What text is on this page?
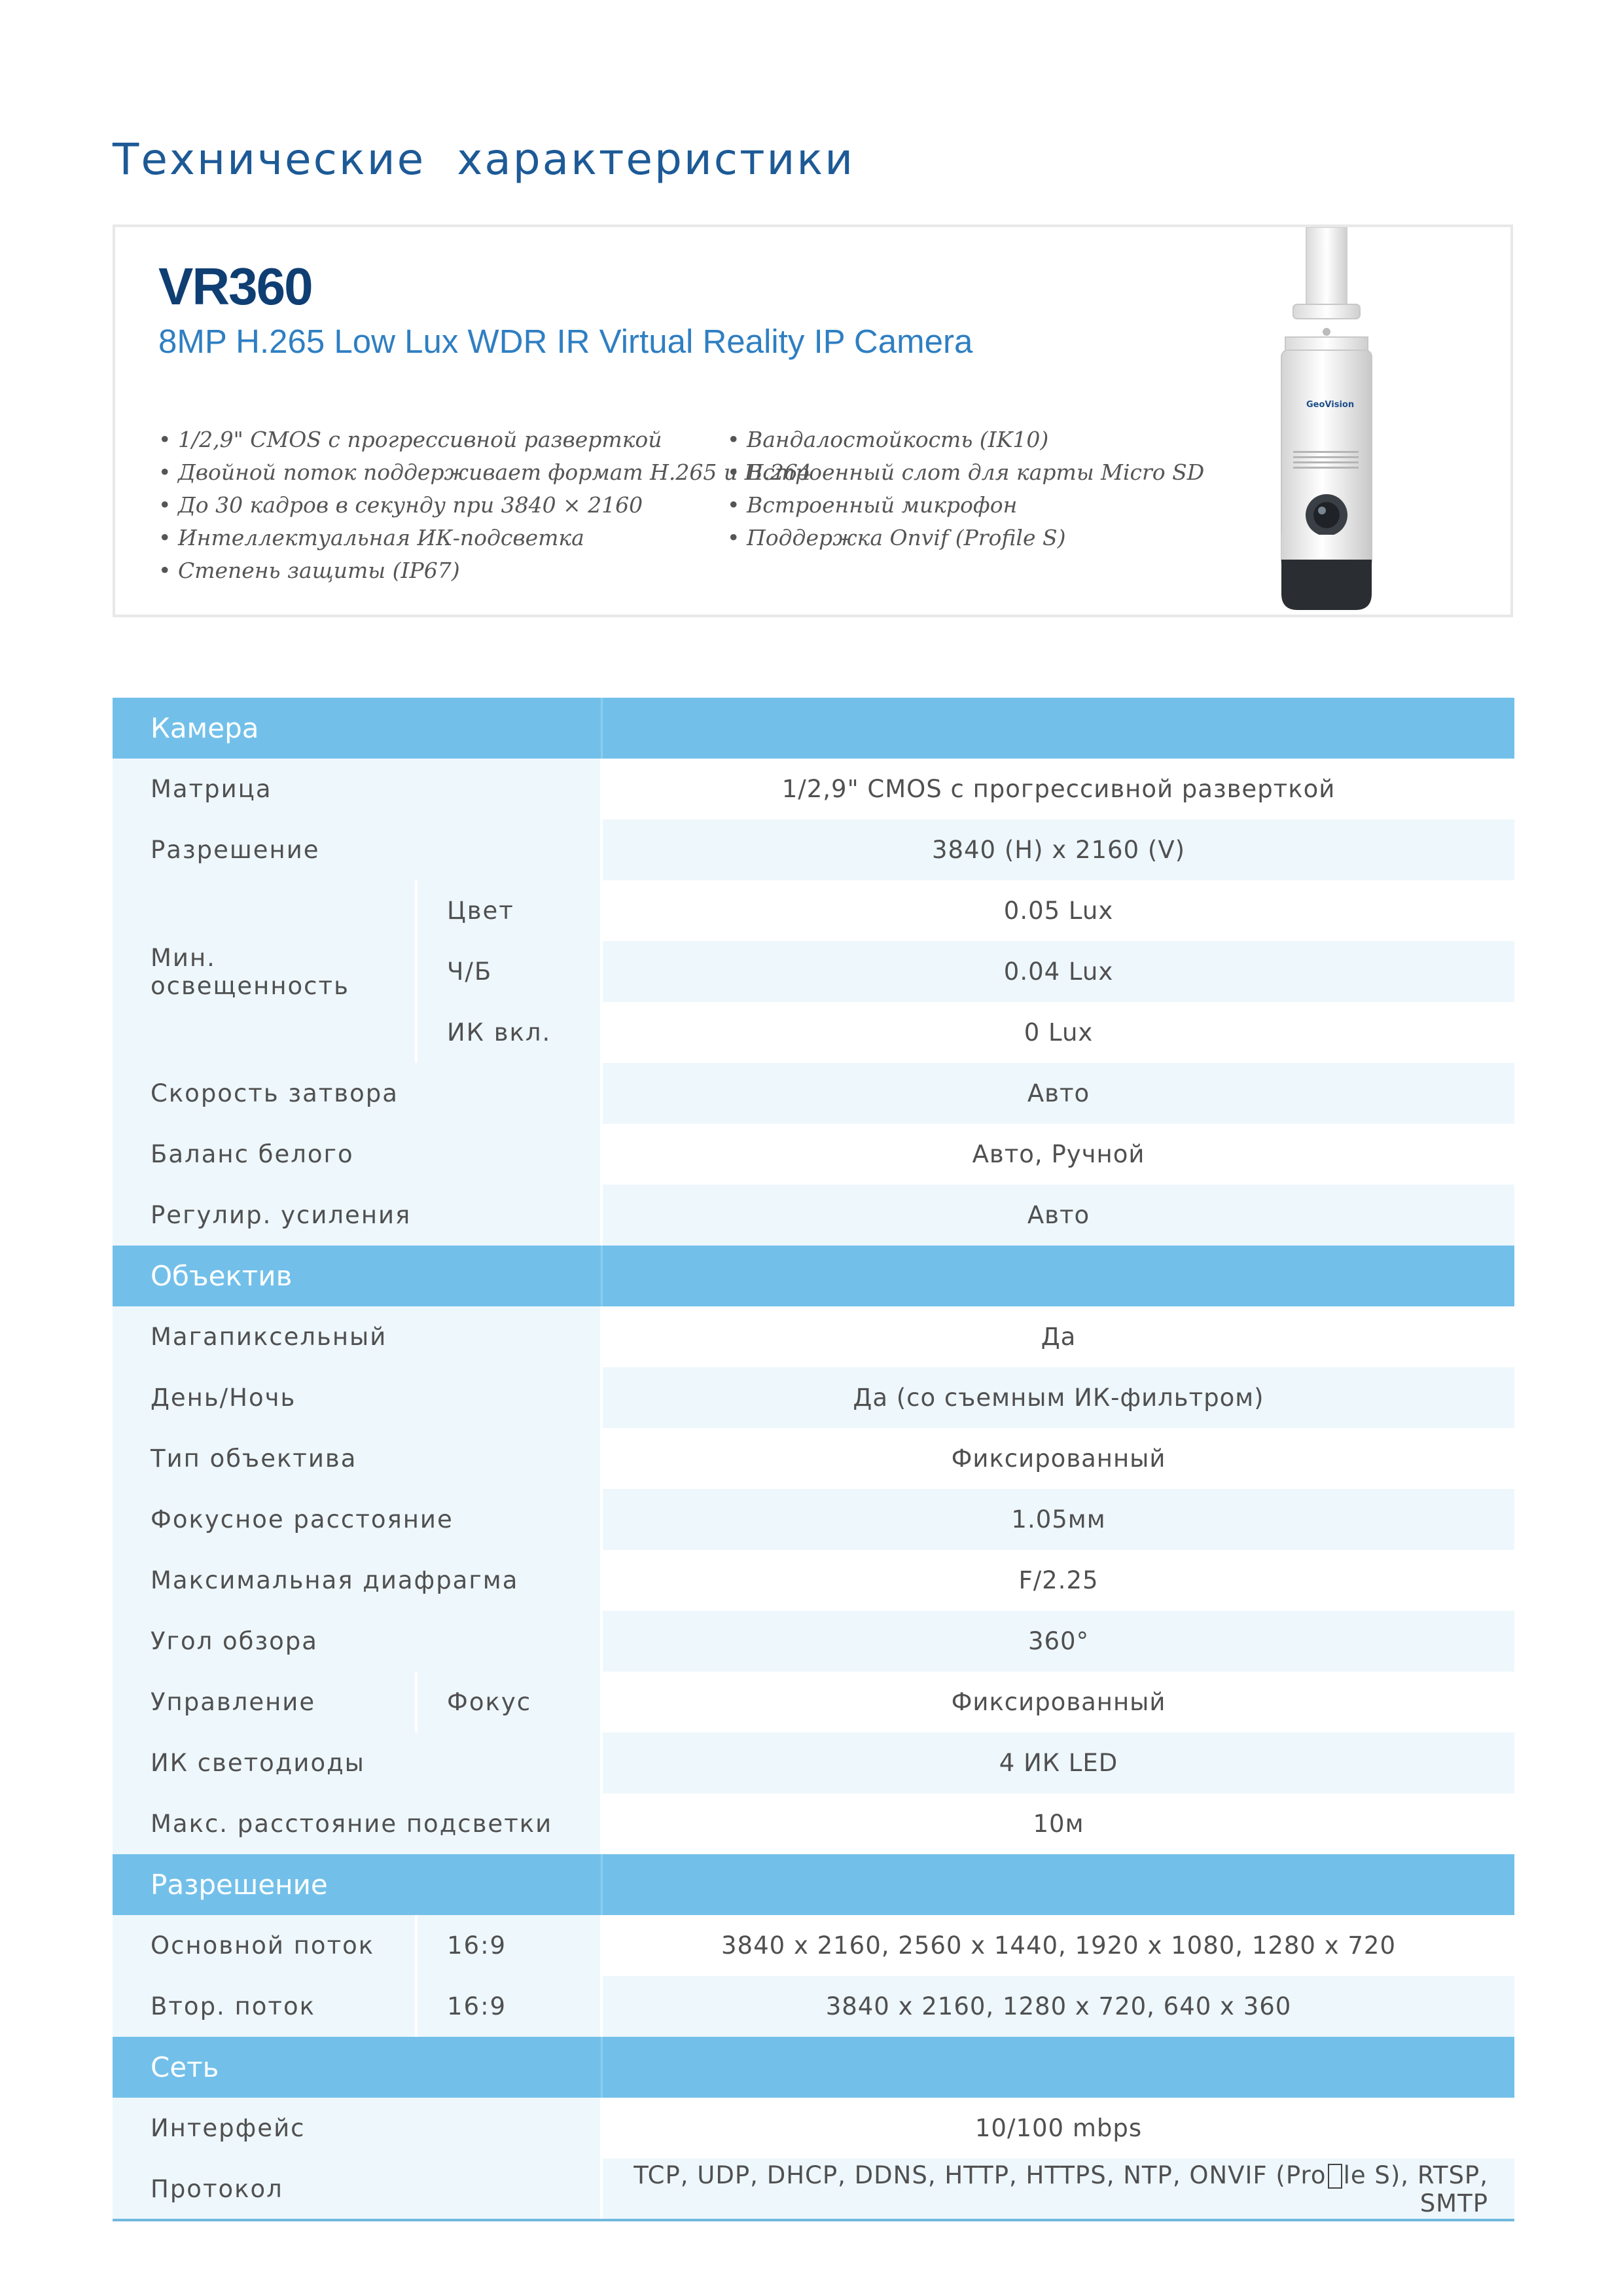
Технические  характеристики
VR360
8MP H.265 Low Lux WDR IR Virtual Reality IP Camera
• 1/2,9" CMOS с прогрессивной разверткой
• Двойной поток поддерживает формат H.265 и H.264
• До 30 кадров в секунду при 3840 × 2160
• Интеллектуальная ИК-подсветка
• Степень защиты (IP67)
• Вандалостойкость (IK10)
• Встроенный слот для карты Micro SD
• Встроенный микрофон
• Поддержка Onvif (Profile S)
GeoVision
Камера		
Матрица		1/2,9" CMOS с прогрессивной разверткой
Разрешение		3840 (H) x 2160 (V)
Мин. освещенность	Цвет	0.05 Lux
	Ч/Б	0.04 Lux
	ИК вкл.	0 Lux
Скорость затвора		Авто
Баланс белого		Авто, Ручной
Регулир. усиления		Авто
Объектив		
Магапиксельный		Да
День/Ночь		Да (со съемным ИК-фильтром)
Тип объектива		Фиксированный
Фокусное расстояние		1.05мм
Максимальная диафрагма		F/2.25
Угол обзора		360°
Управление	Фокус	Фиксированный
ИК светодиоды		4 ИК LED
Макс. расстояние подсветки		10м
Разрешение		
Основной поток	16:9	3840 x 2160, 2560 x 1440, 1920 x 1080, 1280 x 720
Втор. поток	16:9	3840 x 2160, 1280 x 720, 640 x 360
Сеть		
Интерфейс		10/100 mbps
Протокол		TCP, UDP, DHCP, DDNS, HTTP, HTTPS, NTP, ONVIF (Pro le S), RTSP, SMTP
